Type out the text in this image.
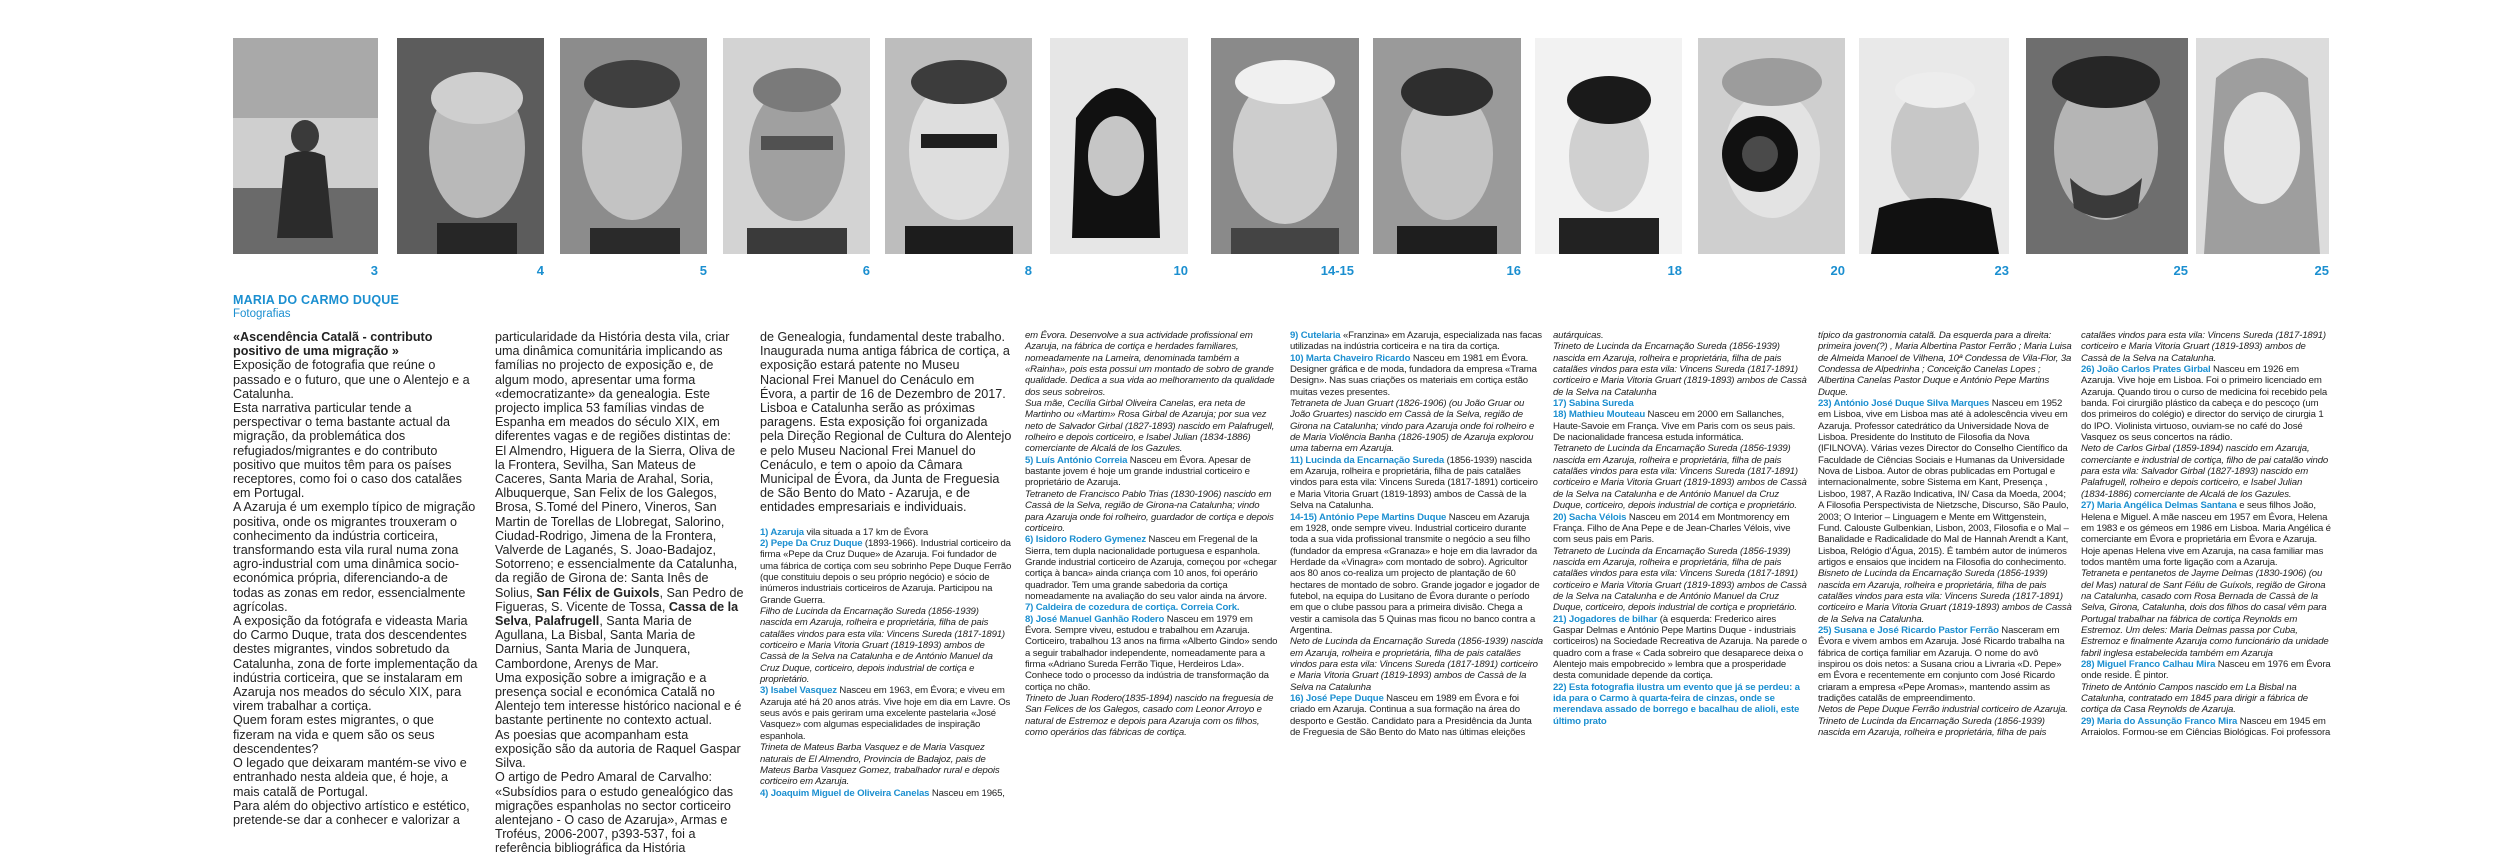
3	4	5	6	8	10	14-15	16	18	20	23	25	25
MARIA DO CARMO DUQUE
Fotografias

«Ascendência Catalã - contributo positivo de uma migração »

Exposição de fotografia que reúne o passado e o futuro, que une o Alentejo e a Catalunha.

Esta narrativa particular tende a perspectivar o tema bastante actual da migração, da problemática dos refugiados/migrantes e do contributo positivo que muitos têm para os países receptores, como foi o caso dos catalães em Portugal.

A Azaruja é um exemplo típico de migração positiva, onde os migrantes trouxeram o conhecimento da indústria corticeira, transformando esta vila rural numa zona agro-industrial com uma dinâmica socio-económica própria, diferenciando-a de todas as zonas em redor, essencialmente agrícolas.

A exposição da fotógrafa e videasta Maria do Carmo Duque, trata dos descendentes destes migrantes, vindos sobretudo da Catalunha, zona de forte implementação da indústria corticeira, que se instalaram em Azaruja nos meados do século XIX, para virem trabalhar a cortiça.

Quem foram estes migrantes, o que fizeram na vida e quem são os seus descendentes?

O legado que deixaram mantém-se vivo e entranhado nesta aldeia que, é hoje, a mais catalã de Portugal.

Para além do objectivo artístico e estético, pretende-se dar a conhecer e valorizar a

particularidade da História desta vila, criar uma dinâmica comunitária implicando as famílias no projecto de exposição e, de algum modo, apresentar uma forma «democratizante» da genealogia. Este projecto implica 53 famílias vindas de Espanha em meados do século XIX, em diferentes vagas e de regiões distintas de: El Almendro, Higuera de la Sierra, Oliva de la Frontera, Sevilha, San Mateus de Caceres, Santa Maria de Arahal, Soria, Albuquerque, San Felix de los Galegos, Brosa, S.Tomé del Pinero, Vineros, San Martin de Torellas de Llobregat, Salorino, Ciudad-Rodrigo, Jimena de la Frontera, Valverde de Laganés, S. Joao-Badajoz, Sotorreno; e essencialmente da Catalunha, da região de Girona de: Santa Inês de Solius, San Félix de Guixols, San Pedro de Figueras, S. Vicente de Tossa, Cassa de la Selva, Palafrugell, Santa Maria de Agullana, La Bisbal, Santa Maria de Darnius, Santa Maria de Junquera, Cambordone, Arenys de Mar.

Uma exposição sobre a imigração e a presença social e económica Catalã no Alentejo tem interesse histórico nacional e é bastante pertinente no contexto actual.

As poesias que acompanham esta exposição são da autoria de Raquel Gaspar Silva.

O artigo de Pedro Amaral de Carvalho: «Subsídios para o estudo genealógico das migrações espanholas no sector corticeiro alentejano - O caso de Azaruja», Armas e Troféus, 2006-2007, p393-537, foi a referência bibliográfica da História

de Genealogia, fundamental deste trabalho. Inaugurada numa antiga fábrica de cortiça, a exposição estará patente no Museu Nacional Frei Manuel do Cenáculo em Évora, a partir de 16 de Dezembro de 2017. Lisboa e Catalunha serão as próximas paragens. Esta exposição foi organizada pela Direção Regional de Cultura do Alentejo e pelo Museu Nacional Frei Manuel do Cenáculo, e tem o apoio da Câmara Municipal de Évora, da Junta de Freguesia de São Bento do Mato - Azaruja, e de entidades empresariais e individuais.

1) Azaruja vila situada a 17 km de Évora

2) Pepe Da Cruz Duque (1893-1966). Industrial corticeiro da firma «Pepe da Cruz Duque» de Azaruja. Foi fundador de uma fábrica de cortiça com seu sobrinho Pepe Duque Ferrão (que constituiu depois o seu próprio negócio) e sócio de inúmeros industriais corticeiros de Azaruja. Participou na Grande Guerra.

Filho de Lucinda da Encarnação Sureda (1856-1939) nascida em Azaruja, rolheira e proprietária, filha de pais catalães vindos para esta vila: Vincens Sureda (1817-1891) corticeiro e Maria Vitoria Gruart (1819-1893) ambos de Cassà de la Selva na Catalunha e de António Manuel da Cruz Duque, corticeiro, depois industrial de cortiça e proprietário.

3) Isabel Vasquez Nasceu em 1963, em Évora; e viveu em Azaruja até há 20 anos atrás. Vive hoje em dia em Lavre. Os seus avós e pais geriram uma excelente pastelaria «José Vasquez» com algumas especialidades de inspiração espanhola.

Trineta de Mateus Barba Vasquez e de Maria Vasquez naturais de El Almendro, Provincia de Badajoz, pais de Mateus Barba Vasquez Gomez, trabalhador rural e depois corticeiro em Azaruja.

4) Joaquim Miguel de Oliveira Canelas Nasceu em 1965,

em Évora. Desenvolve a sua actividade profissional em Azaruja, na fábrica de cortiça e herdades familiares, nomeadamente na Lameira, denominada também a «Rainha», pois esta possui um montado de sobro de grande qualidade. Dedica a sua vida ao melhoramento da qualidade dos seus sobreiros.

Sua mãe, Cecília Girbal Oliveira Canelas, era neta de Martinho ou «Martim» Rosa Girbal de Azaruja; por sua vez neto de Salvador Girbal (1827-1893) nascido em Palafrugell, rolheiro e depois corticeiro, e Isabel Julian (1834-1886) comerciante de Alcalá de los Gazules.

5) Luís António Correia Nasceu em Évora. Apesar de bastante jovem é hoje um grande industrial corticeiro e proprietário de Azaruja.

Tetraneto de Francisco Pablo Trias (1830-1906) nascido em Cassà de la Selva, região de Girona-na Catalunha; vindo para Azaruja onde foi rolheiro, guardador de cortiça e depois corticeiro.

6) Isidoro Rodero Gymenez Nasceu em Fregenal de la Sierra, tem dupla nacionalidade portuguesa e espanhola. Grande industrial corticeiro de Azaruja, começou por «chegar cortiça à banca» ainda criança com 10 anos, foi operário quadrador. Tem uma grande sabedoria da cortiça nomeadamente na avaliação do seu valor ainda na árvore.

7) Caldeira de cozedura de cortiça. Correia Cork.

8) José Manuel Ganhão Rodero Nasceu em 1979 em Évora. Sempre viveu, estudou e trabalhou em Azaruja. Corticeiro, trabalhou 13 anos na firma «Alberto Gindo» sendo a seguir trabalhador independente, nomeadamente para a firma «Adriano Sureda Ferrão Tique, Herdeiros Lda». Conhece todo o processo da indústria de transformação da cortiça no chão.

Trineto de Juan Rodero(1835-1894) nascido na freguesia de San Felices de los Galegos, casado com Leonor Arroyo e natural de Estremoz e depois para Azaruja com os filhos, como operários das fábricas de cortiça.

9) Cutelaria «Franzina» em Azaruja, especializada nas facas utilizadas na indústria corticeira e na tira da cortiça.

10) Marta Chaveiro Ricardo Nasceu em 1981 em Évora. Designer gráfica e de moda, fundadora da empresa «Trama Design». Nas suas criações os materiais em cortiça estão muitas vezes presentes.

Tetraneta de Juan Gruart (1826-1906) (ou João Gruar ou João Gruartes) nascido em Cassà de la Selva, região de Girona na Catalunha; vindo para Azaruja onde foi rolheiro e de Maria Violência Banha (1826-1905) de Azaruja explorou uma taberna em Azaruja.

11) Lucinda da Encarnação Sureda (1856-1939) nascida em Azaruja, rolheira e proprietária, filha de pais catalães vindos para esta vila: Vincens Sureda (1817-1891) corticeiro e Maria Vitoria Gruart (1819-1893) ambos de Cassà de la Selva na Catalunha.

14-15) António Pepe Martins Duque Nasceu em Azaruja em 1928, onde sempre viveu. Industrial corticeiro durante toda a sua vida profissional transmite o negócio a seu filho (fundador da empresa «Granaza» e hoje em dia lavrador da Herdade da «Vinagra» com montado de sobro). Agricultor aos 80 anos co-realiza um projecto de plantação de 60 hectares de montado de sobro. Grande jogador e jogador de futebol, na equipa do Lusitano de Évora durante o período em que o clube passou para a primeira divisão. Chega a vestir a camisola das 5 Quinas mas ficou no banco contra a Argentina.

Neto de Lucinda da Encarnação Sureda (1856-1939) nascida em Azaruja, rolheira e proprietária, filha de pais catalães vindos para esta vila: Vincens Sureda (1817-1891) corticeiro e Maria Vitoria Gruart (1819-1893) ambos de Cassà de la Selva na Catalunha

16) José Pepe Duque Nasceu em 1989 em Évora e foi criado em Azaruja. Continua a sua formação na área do desporto e Gestão. Candidato para a Presidência da Junta de Freguesia de São Bento do Mato nas últimas eleições

autárquicas.

Trineto de Lucinda da Encarnação Sureda (1856-1939) nascida em Azaruja, rolheira e proprietária, filha de pais catalães vindos para esta vila: Vincens Sureda (1817-1891) corticeiro e Maria Vitoria Gruart (1819-1893) ambos de Cassà de la Selva na Catalunha

17) Sabina Sureda

18) Mathieu Mouteau Nasceu em 2000 em Sallanches, Haute-Savoie em França. Vive em Paris com os seus pais. De nacionalidade francesa estuda informática.

Tetraneto de Lucinda da Encarnação Sureda (1856-1939) nascida em Azaruja, rolheira e proprietária, filha de pais catalães vindos para esta vila: Vincens Sureda (1817-1891) corticeiro e Maria Vitoria Gruart (1819-1893) ambos de Cassà de la Selva na Catalunha e de António Manuel da Cruz Duque, corticeiro, depois industrial de cortiça e proprietário.

20) Sacha Vélois Nasceu em 2014 em Montmorency em França. Filho de Ana Pepe e de Jean-Charles Vélois, vive com seus pais em Paris.

Tetraneto de Lucinda da Encarnação Sureda (1856-1939) nascida em Azaruja, rolheira e proprietária, filha de pais catalães vindos para esta vila: Vincens Sureda (1817-1891) corticeiro e Maria Vitoria Gruart (1819-1893) ambos de Cassà de la Selva na Catalunha e de António Manuel da Cruz Duque, corticeiro, depois industrial de cortiça e proprietário.

21) Jogadores de bilhar (à esquerda: Frederico aires Gaspar Delmas e António Pepe Martins Duque - industriais corticeiros) na Sociedade Recreativa de Azaruja. Na parede o quadro com a frase « Cada sobreiro que desaparece deixa o Alentejo mais empobrecido » lembra que a prosperidade desta comunidade depende da cortiça.

22) Esta fotografia ilustra um evento que já se perdeu: a ida para o Carmo à quarta-feira de cinzas, onde se merendava assado de borrego e bacalhau de alioli, este último prato

típico da gastronomia catalã. Da esquerda para a direita: primeira joven(?) , Maria Albertina Pastor Ferrão ; Maria Luisa de Almeida Manoel de Vilhena, 10ª Condessa de Vila-Flor, 3a Condessa de Alpedrinha ; Conceição Canelas Lopes ; Albertina Canelas Pastor Duque e António Pepe Martins Duque.

23) António José Duque Silva Marques Nasceu em 1952 em Lisboa, vive em Lisboa mas até à adolescência viveu em Azaruja. Professor catedrático da Universidade Nova de Lisboa. Presidente do Instituto de Filosofia da Nova (IFILNOVA). Várias vezes Director do Conselho Científico da Faculdade de Ciências Sociais e Humanas da Universidade Nova de Lisboa. Autor de obras publicadas em Portugal e internacionalmente, sobre Sistema em Kant, Presença , Lisboo, 1987, A Razão Indicativa, IN/ Casa da Moeda, 2004; A Filosofia Perspectivista de Nietzsche, Discurso, São Paulo, 2003; O Interior – Linguagem e Mente em Wittgenstein, Fund. Calouste Gulbenkian, Lisbon, 2003, Filosofia e o Mal – Banalidade e Radicalidade do Mal de Hannah Arendt a Kant, Lisboa, Relógio d'Água, 2015). É também autor de inúmeros artigos e ensaios que incidem na Filosofia do conhecimento.

Bisneto de Lucinda da Encarnação Sureda (1856-1939) nascida em Azaruja, rolheira e proprietária, filha de pais catalães vindos para esta vila: Vincens Sureda (1817-1891) corticeiro e Maria Vitoria Gruart (1819-1893) ambos de Cassà de la Selva na Catalunha.

25) Susana e José Ricardo Pastor Ferrão Nasceram em Évora e vivem ambos em Azaruja. José Ricardo trabalha na fábrica de cortiça familiar em Azaruja. O nome do avô inspirou os dois netos: a Susana criou a Livraria «D. Pepe» em Évora e recentemente em conjunto com José Ricardo criaram a empresa «Pepe Aromas», mantendo assim as tradições catalãs de empreendimento.

Netos de Pepe Duque Ferrão industrial corticeiro de Azaruja. Trineto de Lucinda da Encarnação Sureda (1856-1939) nascida em Azaruja, rolheira e proprietária, filha de pais

catalães vindos para esta vila: Vincens Sureda (1817-1891) corticeiro e Maria Vitoria Gruart (1819-1893) ambos de Cassà de la Selva na Catalunha.

26) João Carlos Prates Girbal Nasceu em 1926 em Azaruja. Vive hoje em Lisboa. Foi o primeiro licenciado em Azaruja. Quando tirou o curso de medicina foi recebido pela banda. Foi cirurgião plástico da cabeça e do pescoço (um dos primeiros do colégio) e director do serviço de cirurgia 1 do IPO. Violinista virtuoso, ouviam-se no café do José Vasquez os seus concertos na rádio.

Neto de Carlos Girbal (1859-1894) nascido em Azaruja, comerciante e industrial de cortiça, filho de pai catalão vindo para esta vila: Salvador Girbal (1827-1893) nascido em Palafrugell, rolheiro e depois corticeiro, e Isabel Julian (1834-1886) comerciante de Alcalá de los Gazules.

27) Maria Angélica Delmas Santana e seus filhos João, Helena e Miguel. A mãe nasceu em 1957 em Évora, Helena em 1983 e os gémeos em 1986 em Lisboa. Maria Angélica é comerciante em Évora e proprietária em Évora e Azaruja. Hoje apenas Helena vive em Azaruja, na casa familiar mas todos mantêm uma forte ligação com a Azaruja.

Tetraneta e pentanetos de Jayme Delmas (1830-1906) (ou del Mas) natural de Sant Féliu de Guíxols, região de Girona na Catalunha, casado com Rosa Bernada de Cassà de la Selva, Girona, Catalunha, dois dos filhos do casal vêm para Portugal trabalhar na fábrica de cortiça Reynolds em Estremoz. Um deles: Maria Delmas passa por Cuba, Estremoz e finalmente Azaruja como funcionário da unidade fabril inglesa estabelecida também em Azaruja

28) Miguel Franco Calhau Mira Nasceu em 1976 em Évora onde reside. É pintor.

Trineto de António Campos nascido em La Bisbal na Catalunha, contratado em 1845 para dirigir a fábrica de cortiça da Casa Reynolds de Azaruja.

29) Maria do Assunção Franco Mira Nasceu em 1945 em Arraiolos. Formou-se em Ciências Biológicas. Foi professora
